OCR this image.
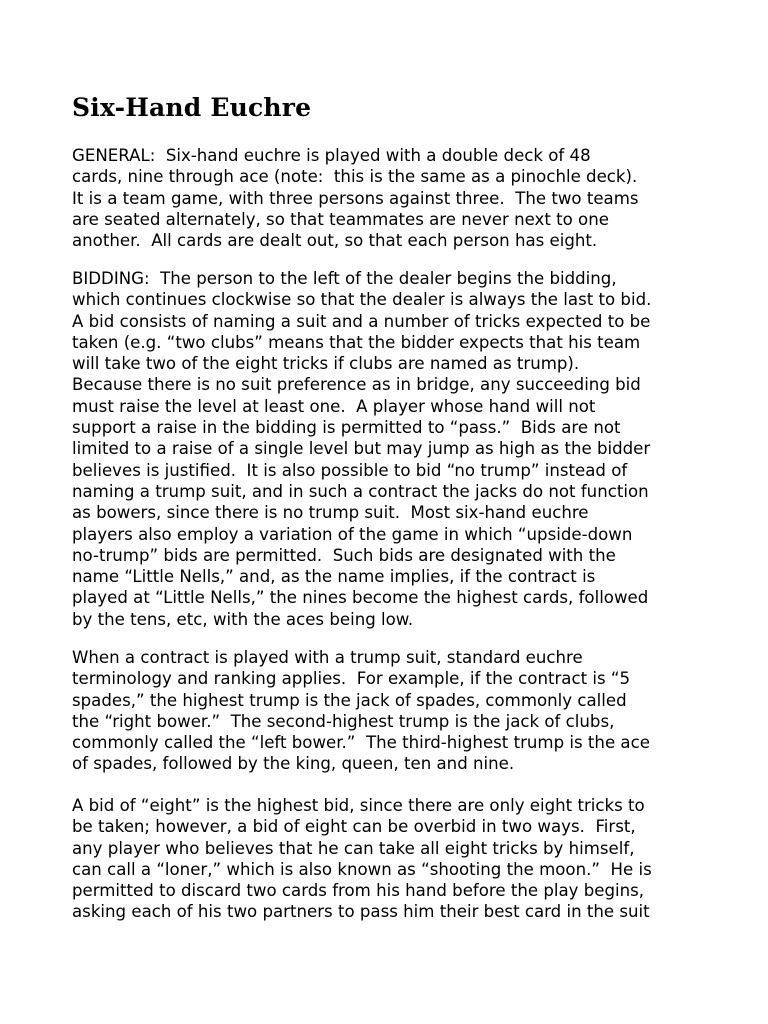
Six-Hand Euchre
GENERAL:  Six-hand euchre is played with a double deck of 48
cards, nine through ace (note:  this is the same as a pinochle deck).
It is a team game, with three persons against three.  The two teams
are seated alternately, so that teammates are never next to one
another.  All cards are dealt out, so that each person has eight.
BIDDING:  The person to the left of the dealer begins the bidding,
which continues clockwise so that the dealer is always the last to bid.
A bid consists of naming a suit and a number of tricks expected to be
taken (e.g. “two clubs” means that the bidder expects that his team
will take two of the eight tricks if clubs are named as trump).
Because there is no suit preference as in bridge, any succeeding bid
must raise the level at least one.  A player whose hand will not
support a raise in the bidding is permitted to “pass.”  Bids are not
limited to a raise of a single level but may jump as high as the bidder
believes is justified.  It is also possible to bid “no trump” instead of
naming a trump suit, and in such a contract the jacks do not function
as bowers, since there is no trump suit.  Most six-hand euchre
players also employ a variation of the game in which “upside-down
no-trump” bids are permitted.  Such bids are designated with the
name “Little Nells,” and, as the name implies, if the contract is
played at “Little Nells,” the nines become the highest cards, followed
by the tens, etc, with the aces being low.
When a contract is played with a trump suit, standard euchre
terminology and ranking applies.  For example, if the contract is “5
spades,” the highest trump is the jack of spades, commonly called
the “right bower.”  The second-highest trump is the jack of clubs,
commonly called the “left bower.”  The third-highest trump is the ace
of spades, followed by the king, queen, ten and nine.
A bid of “eight” is the highest bid, since there are only eight tricks to
be taken; however, a bid of eight can be overbid in two ways.  First,
any player who believes that he can take all eight tricks by himself,
can call a “loner,” which is also known as “shooting the moon.”  He is
permitted to discard two cards from his hand before the play begins,
asking each of his two partners to pass him their best card in the suit
